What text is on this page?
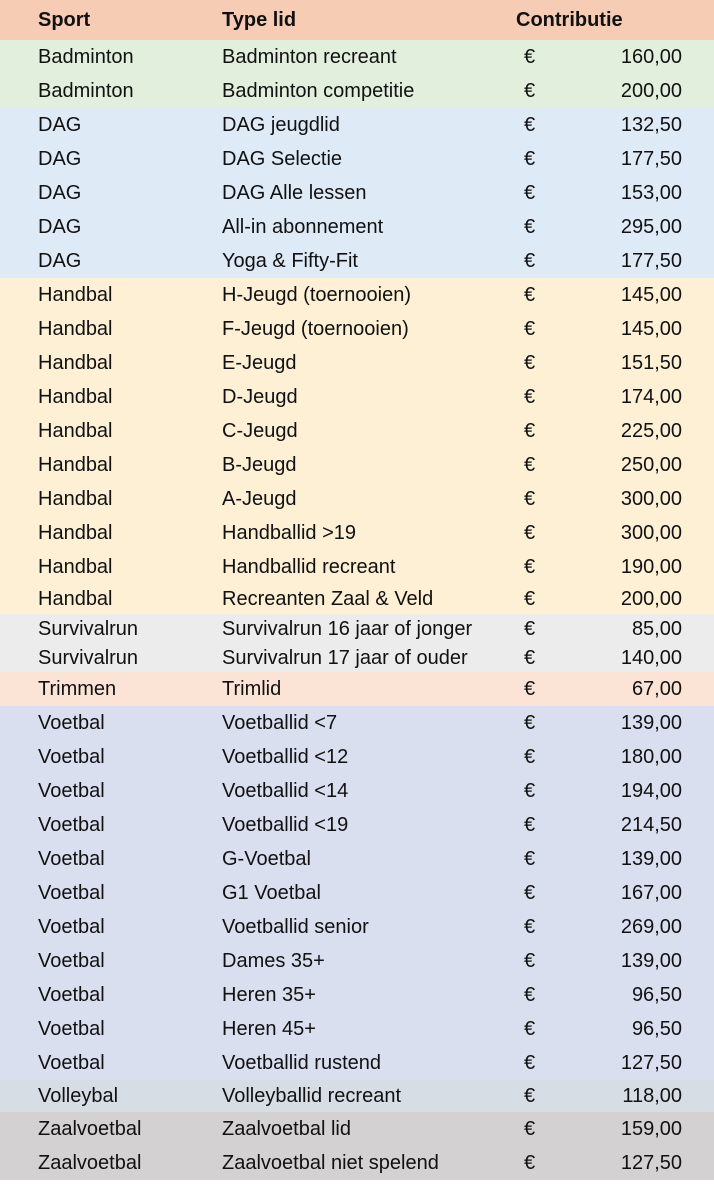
Sport	Type lid	Contributie
Badminton	Badminton recreant	€	160,00
Badminton	Badminton competitie	€	200,00
DAG	DAG jeugdlid	€	132,50
DAG	DAG Selectie	€	177,50
DAG	DAG Alle lessen	€	153,00
DAG	All-in abonnement	€	295,00
DAG	Yoga & Fifty-Fit	€	177,50
Handbal	H-Jeugd (toernooien)	€	145,00
Handbal	F-Jeugd (toernooien)	€	145,00
Handbal	E-Jeugd	€	151,50
Handbal	D-Jeugd	€	174,00
Handbal	C-Jeugd	€	225,00
Handbal	B-Jeugd	€	250,00
Handbal	A-Jeugd	€	300,00
Handbal	Handballid >19	€	300,00
Handbal	Handballid recreant	€	190,00
Handbal	Recreanten Zaal & Veld	€	200,00
Survivalrun	Survivalrun 16 jaar of jonger	€	85,00
Survivalrun	Survivalrun 17 jaar of ouder	€	140,00
Trimmen	Trimlid	€	67,00
Voetbal	Voetballid <7	€	139,00
Voetbal	Voetballid <12	€	180,00
Voetbal	Voetballid <14	€	194,00
Voetbal	Voetballid <19	€	214,50
Voetbal	G-Voetbal	€	139,00
Voetbal	G1 Voetbal	€	167,00
Voetbal	Voetballid senior	€	269,00
Voetbal	Dames 35+	€	139,00
Voetbal	Heren 35+	€	96,50
Voetbal	Heren 45+	€	96,50
Voetbal	Voetballid rustend	€	127,50
Volleybal	Volleyballid recreant	€	118,00
Zaalvoetbal	Zaalvoetbal lid	€	159,00
Zaalvoetbal	Zaalvoetbal niet spelend	€	127,50
